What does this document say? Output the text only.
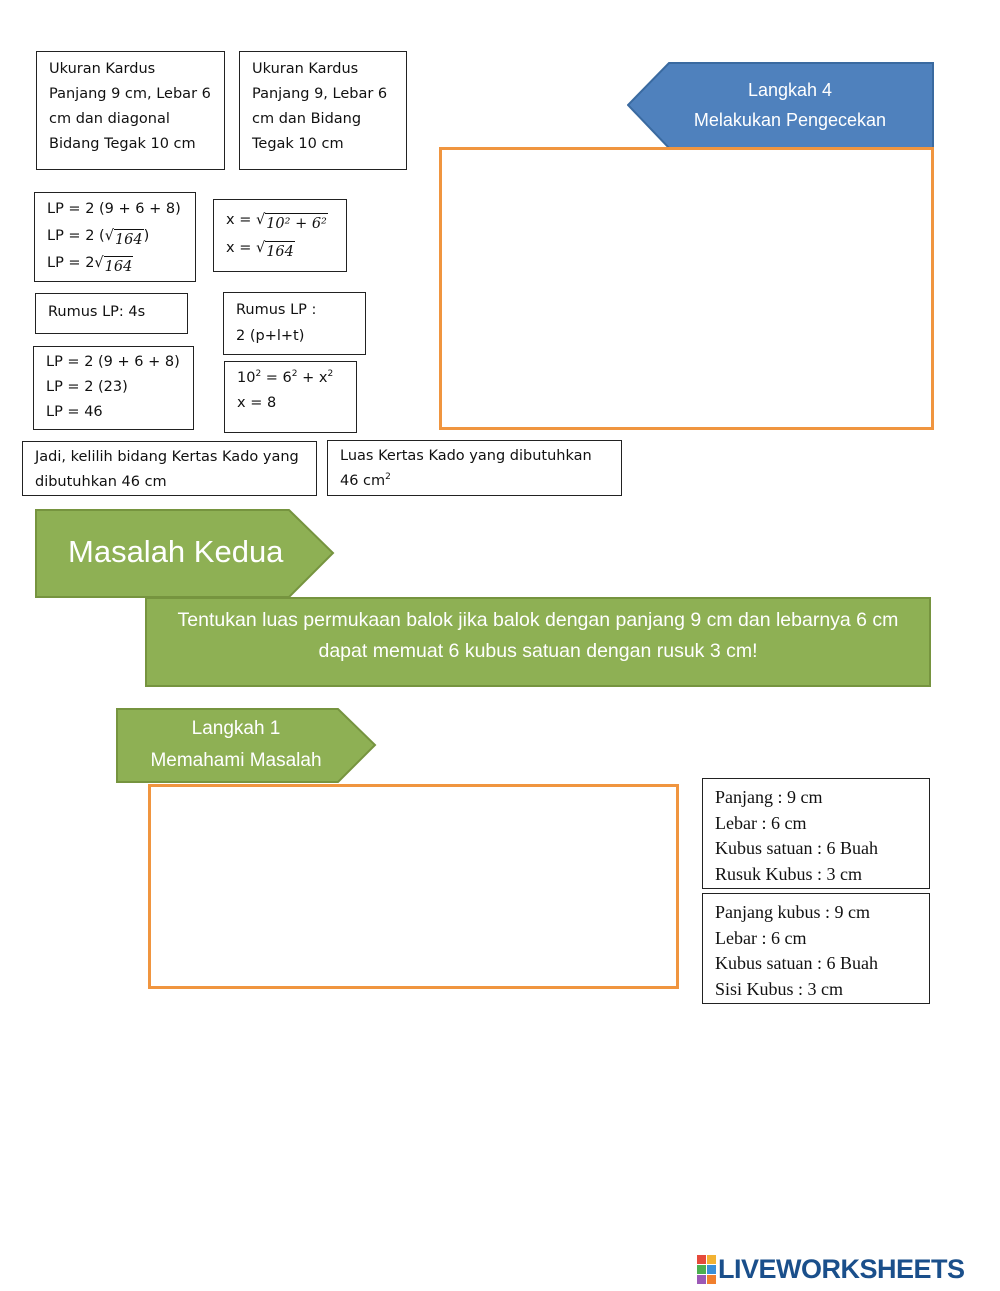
Langkah 4
Melakukan Pengecekan
Ukuran Kardus
Panjang 9 cm, Lebar 6
cm dan diagonal
Bidang Tegak 10 cm
Ukuran Kardus
Panjang 9, Lebar 6
cm dan Bidang
Tegak 10 cm
LP = 2 (9 + 6 + 8)
LP = 2 ( √ 164 )
LP = 2 √ 164
x = √ 10² + 6²
x = √ 164
Rumus LP: 4s	Rumus LP :
2 (p+l+t)
LP = 2 (9 + 6 + 8)
LP = 2 (23)
LP = 46
$10^2 = 6^2 + x^2$
x = 8
Jadi, kelilih bidang Kertas Kado yang
dibutuhkan 46 cm
Luas Kertas Kado yang dibutuhkan
46 $cm^2$
Masalah Kedua
Tentukan luas permukaan balok jika balok dengan panjang 9 cm dan lebarnya 6 cm dapat memuat 6 kubus satuan dengan rusuk 3 cm!
Langkah 1
Memahami Masalah
Panjang : 9 cm
Lebar : 6 cm
Kubus satuan : 6 Buah
Rusuk Kubus : 3 cm
Panjang kubus : 9 cm
Lebar : 6 cm
Kubus satuan : 6 Buah
Sisi Kubus : 3 cm
LIVEWORKSHEETS
